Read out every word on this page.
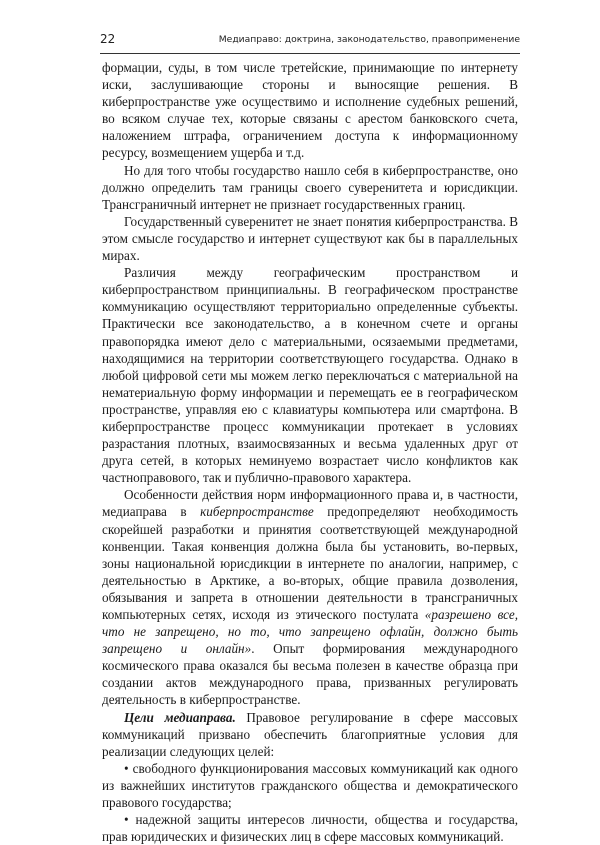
22	Медиаправо: доктрина, законодательство, правоприменение

формации, суды, в том числе третейские, принимающие по интернету иски, заслушивающие стороны и выносящие решения. В киберпространстве уже осуществимо и исполнение судебных решений, во всяком случае тех, которые связаны с арестом банковского счета, наложением штрафа, ограничением доступа к информационному ресурсу, возмещением ущерба и т.д.

Но для того чтобы государство нашло себя в киберпространстве, оно должно определить там границы своего суверенитета и юрисдикции. Трансграничный интернет не признает государственных границ.

Государственный суверенитет не знает понятия киберпространства. В этом смысле государство и интернет существуют как бы в параллельных мирах.

Различия между географическим пространством и киберпространством принципиальны. В географическом пространстве коммуникацию осуществляют территориально определенные субъекты. Практически все законодательство, а в конечном счете и органы правопорядка имеют дело с материальными, осязаемыми предметами, находящимися на территории соответствующего государства. Однако в любой цифровой сети мы можем легко переключаться с материальной на нематериальную форму информации и перемещать ее в географическом пространстве, управляя ею с клавиатуры компьютера или смартфона. В киберпространстве процесс коммуникации протекает в условиях разрастания плотных, взаимосвязанных и весьма удаленных друг от друга сетей, в которых неминуемо возрастает число конфликтов как частноправового, так и публично-правового характера.

Особенности действия норм информационного права и, в частности, медиаправа в киберпространстве предопределяют необходимость скорейшей разработки и принятия соответствующей международной конвенции. Такая конвенция должна была бы установить, во-первых, зоны национальной юрисдикции в интернете по аналогии, например, с деятельностью в Арктике, а во-вторых, общие правила дозволения, обязывания и запрета в отношении деятельности в трансграничных компьютерных сетях, исходя из этического постулата «разрешено все, что не запрещено, но то, что запрещено офлайн, должно быть запрещено и онлайн». Опыт формирования международного космического права оказался бы весьма полезен в качестве образца при создании актов международного права, призванных регулировать деятельность в киберпространстве.

Цели медиаправа. Правовое регулирование в сфере массовых коммуникаций призвано обеспечить благоприятные условия для реализации следующих целей:

• свободного функционирования массовых коммуникаций как одного из важнейших институтов гражданского общества и демократического правового государства;

• надежной защиты интересов личности, общества и государства, прав юридических и физических лиц в сфере массовых коммуникаций.
